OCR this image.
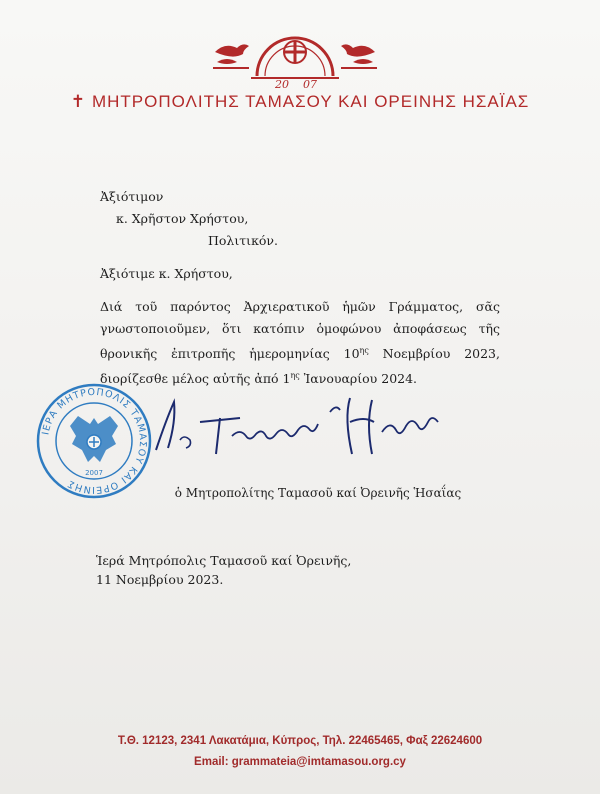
20 07
✝ ΜΗΤΡΟΠΟΛΙΤΗΣ ΤΑΜΑΣΟΥ ΚΑΙ ΟΡΕΙΝΗΣ ΗΣΑΪΑΣ
Ἀξιότιμον
κ. Χρῆστον Χρήστου,
Πολιτικόν.
Ἀξιότιμε κ. Χρήστου,

Διά τοῦ παρόντος Ἀρχιερατικοῦ ἡμῶν Γράμματος, σᾶς γνωστοποιοῦμεν, ὅτι κατόπιν ὁμοφώνου ἀποφάσεως τῆς θρονικῆς ἐπιτροπῆς ἡμερομηνίας $10^{\eta\varsigma}$ Νοεμβρίου 2023, διορίζεσθε μέλος αὐτῆς ἀπό $1^{\eta\varsigma}$ Ἰανουαρίου 2024.

ΙΕΡΑ ΜΗΤΡΟΠΟΛΙΣ ΤΑΜΑΣΟΥ ΚΑΙ ΟΡΕΙΝΗΣ
2007
ὁ Μητροπολίτης Ταμασοῦ καί Ὀρεινῆς Ἡσαΐας
Ἱερά Μητρόπολις Ταμασοῦ καί Ὀρεινῆς,
11 Νοεμβρίου 2023.
Τ.Θ. 12123, 2341 Λακατάμια, Κύπρος, Τηλ. 22465465, Φαξ 22624600
Email: grammateia@imtamasou.org.cy
